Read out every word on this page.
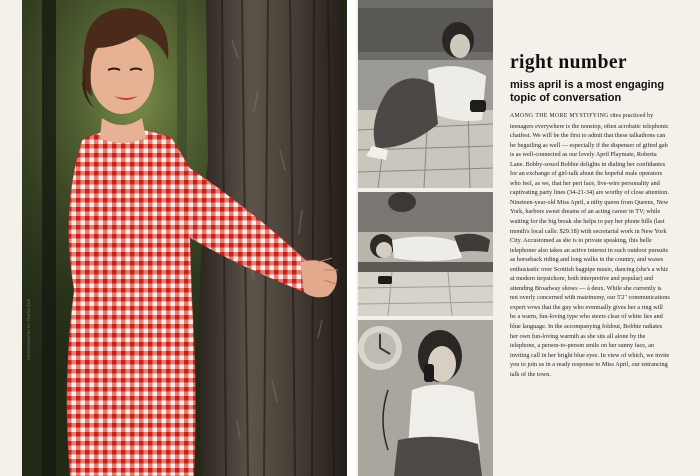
PHOTOGRAPHY BY FRANK ECK
right number
miss april is a most engaging topic of conversation

AMONG THE MORE MYSTIFYING rites practiced by teenagers everywhere is the nonstop, often acrobatic telephonic chatfest. We will be the first to admit that these talkathons can be beguiling as well — especially if the dispenser of gifted gab is as well-connected as our lovely April Playmate, Roberta Lane. Bobby-soxed Bobbie delights in dialing her confidantes for an exchange of girl-talk about the hopeful male operators who feel, as we, that her pert face, live-wire personality and captivating party lines (34-21-34) are worthy of close attention. Nineteen-year-old Miss April, a nifty queen from Queens, New York, harbors sweet dreams of an acting career in TV; while waiting for the big break she helps to pay her phone bills (last month's local calls: $29.18) with secretarial work in New York City. Accustomed as she is to private speaking, this belle telephoner also takes an active interest in such outdoor pursuits as horseback riding and long walks in the country, and waxes enthusiastic over Scottish bagpipe music, dancing (she's a whiz at modern terpsichore, both interpretive and popular) and attending Broadway shows — à deux. While she currently is not overly concerned with matrimony, our 5'2" communications expert vows that the guy who eventually gives her a ring will be a warm, fun-loving type who steers clear of white lies and blue language. In the accompanying foldout, Bobbie radiates her own fun-loving warmth as she sits all alone by the telephone, a person-to-person smile on her sunny face, an inviting call in her bright blue eyes. In view of which, we invite you to join us in a ready response to Miss April, our entrancing talk of the town.
